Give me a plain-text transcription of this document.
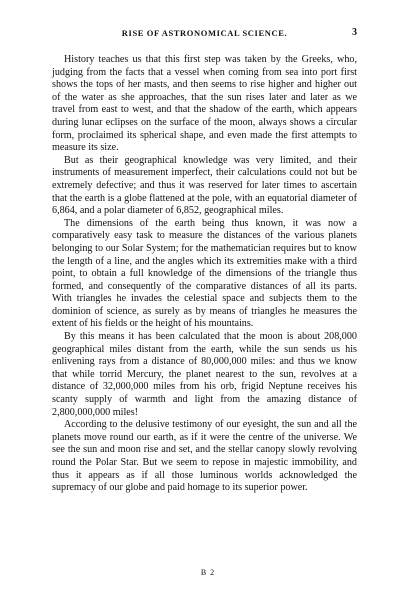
RISE OF ASTRONOMICAL SCIENCE.	3

History teaches us that this first step was taken by the Greeks, who, judging from the facts that a vessel when coming from sea into port first shows the tops of her masts, and then seems to rise higher and higher out of the water as she approaches, that the sun rises later and later as we travel from east to west, and that the shadow of the earth, which appears during lunar eclipses on the surface of the moon, always shows a circular form, proclaimed its spherical shape, and even made the first attempts to measure its size.

But as their geographical knowledge was very limited, and their instruments of measurement imperfect, their calculations could not but be extremely defective; and thus it was reserved for later times to ascertain that the earth is a globe flattened at the pole, with an equatorial diameter of 6,864, and a polar diameter of 6,852, geographical miles.

The dimensions of the earth being thus known, it was now a comparatively easy task to measure the distances of the various planets belonging to our Solar System; for the mathematician requires but to know the length of a line, and the angles which its extremities make with a third point, to obtain a full knowledge of the dimensions of the triangle thus formed, and consequently of the comparative distances of all its parts. With triangles he invades the celestial space and subjects them to the dominion of science, as surely as by means of triangles he measures the extent of his fields or the height of his mountains.

By this means it has been calculated that the moon is about 208,000 geographical miles distant from the earth, while the sun sends us his enlivening rays from a distance of 80,000,000 miles: and thus we know that while torrid Mercury, the planet nearest to the sun, revolves at a distance of 32,000,000 miles from his orb, frigid Neptune receives his scanty supply of warmth and light from the amazing distance of 2,800,000,000 miles!

According to the delusive testimony of our eyesight, the sun and all the planets move round our earth, as if it were the centre of the universe. We see the sun and moon rise and set, and the stellar canopy slowly revolving round the Polar Star. But we seem to repose in majestic immobility, and thus it appears as if all those luminous worlds acknowledged the supremacy of our globe and paid homage to its superior power.

B 2
